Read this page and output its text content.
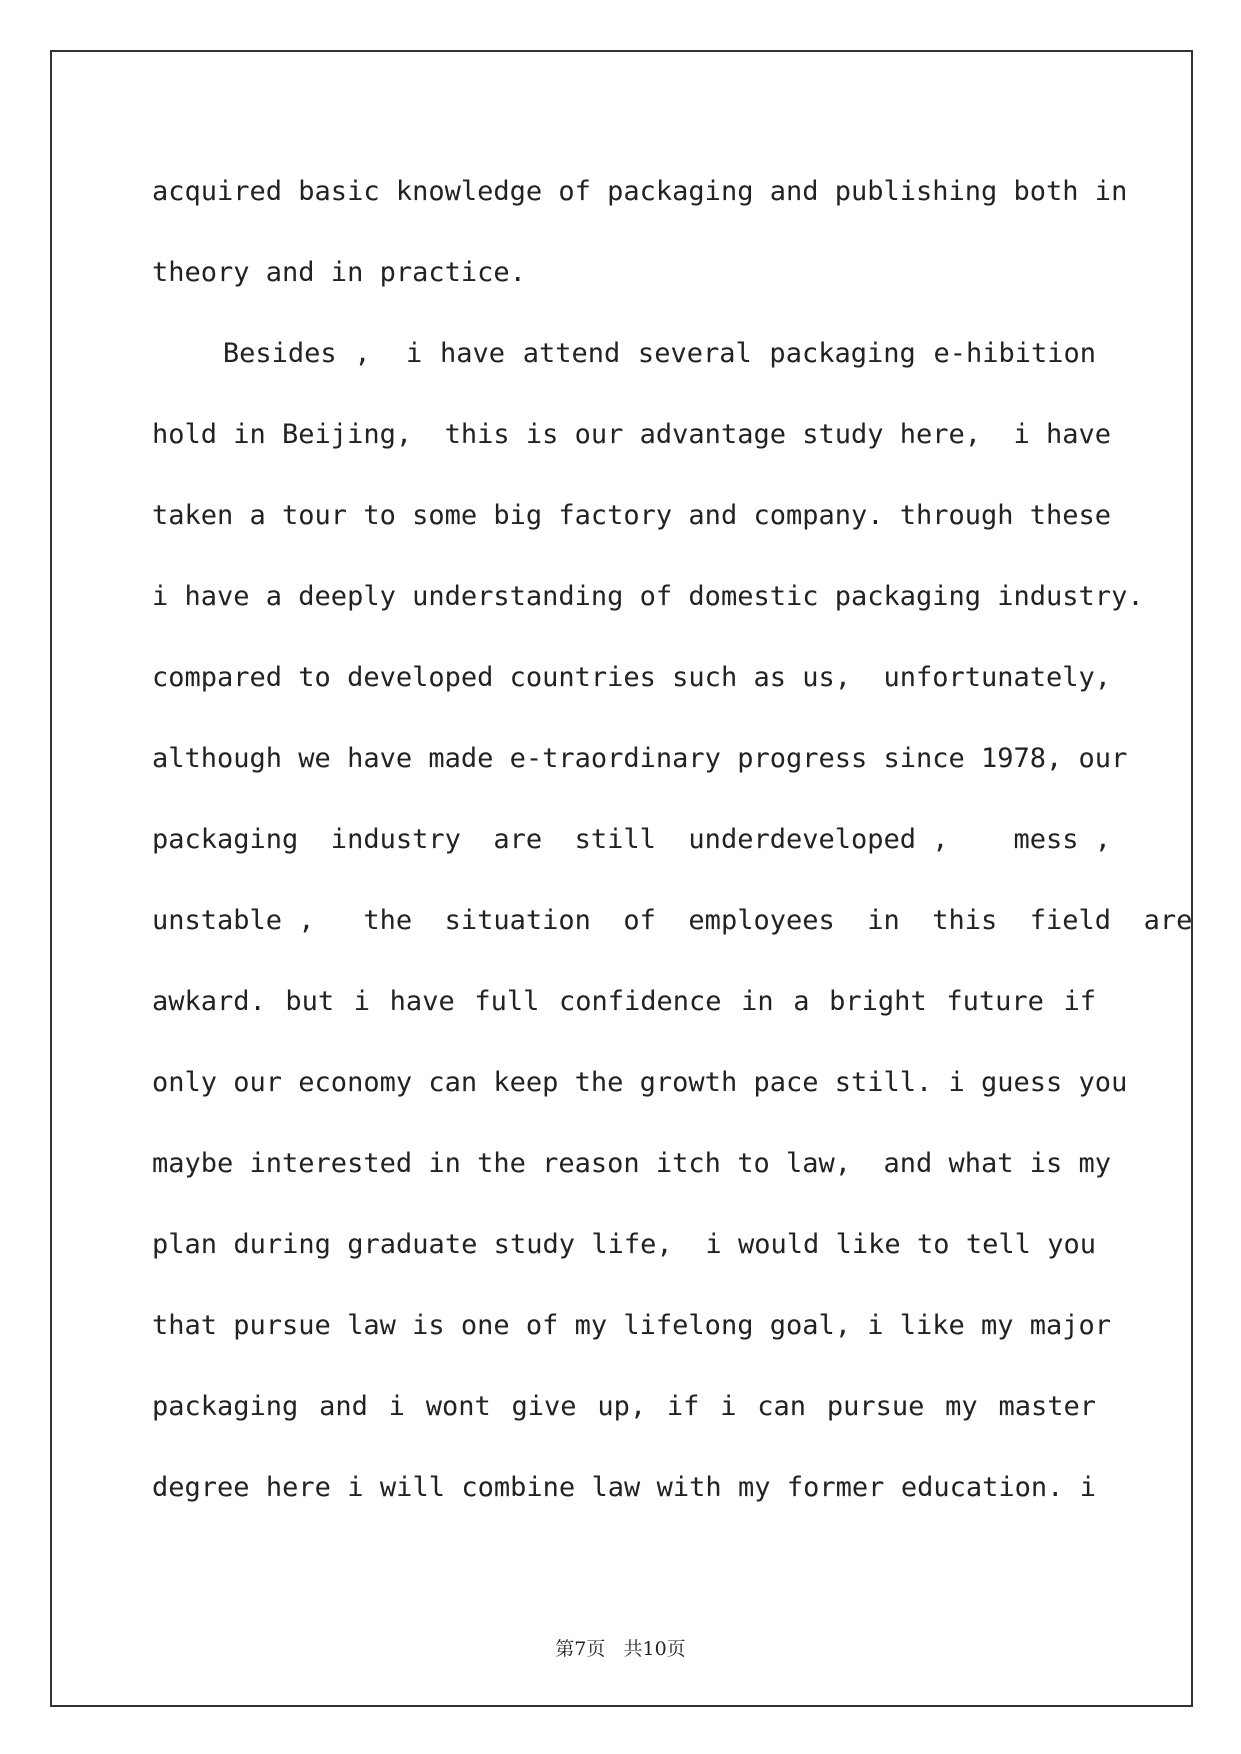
acquired basic knowledge of packaging and publishing both in
theory and in practice.
Besides ,  i have attend several packaging e-hibition
hold in Beijing,  this is our advantage study here,  i have
taken a tour to some big factory and company. through these
i have a deeply understanding of domestic packaging industry.
compared to developed countries such as us,  unfortunately,
although we have made e-traordinary progress since 1978, our
packaging  industry  are  still  underdeveloped ,    mess ,
unstable ,   the  situation  of  employees  in  this  field  are
awkard. but i have full confidence in a bright future if
only our economy can keep the growth pace still. i guess you
maybe interested in the reason itch to law,  and what is my
plan during graduate study life,  i would like to tell you
that pursue law is one of my lifelong goal, i like my major
packaging and i wont give up, if i can pursue my master
degree here i will combine law with my former education. i
第7页   共10页
